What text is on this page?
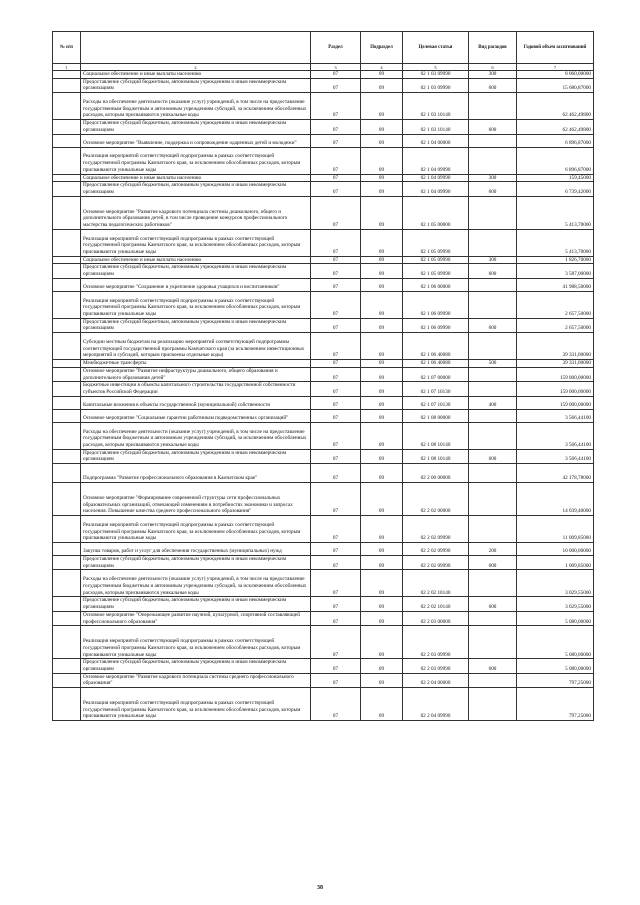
№ п/п		Раздел	Подраздел	Целевая статья	Вид расходов	Годовой объем ассигнований
1	2	3	4	5	6	7
	Социальное обеспечение и иные выплаты населению	07	09	02 1 03 09990	300	8 060,00000
	Предоставление субсидий бюджетным, автономным учреждениям и иным некоммерческим организациям	07	09	02 1 03 09990	600	15 680,87000
	Расходы на обеспечение деятельности (оказание услуг) учреждений, в том числе на предоставление государственным бюджетным и автономным учреждениям субсидий, за исключением обособленных расходов, которым присваиваются уникальные коды	07	09	02 1 03 10140		62 462,49800
	Предоставление субсидий бюджетным, автономным учреждениям и иным некоммерческим организациям	07	09	02 1 03 10140	600	62 462,49800
	Основное мероприятие "Выявление, поддержка и сопровождение одаренных детей и молодежи"	07	09	02 1 04 00000		6 896,87000
	Реализация мероприятий соответствующей подпрограммы в рамках соответствующей государственной программы Камчатского края, за исключением обособленных расходов, которым присваиваются уникальные коды	07	09	02 1 04 09990		6 896,87000
	Социальное обеспечение и иные выплаты населению	07	09	02 1 04 09990	300	159,45000
	Предоставление субсидий бюджетным, автономным учреждениям и иным некоммерческим организациям	07	09	02 1 04 09990	600	6 739,42000
	Основное мероприятие "Развитие кадрового потенциала системы дошкольного, общего и дополнительного образования детей, в том числе проведение конкурсов профессионального мастерства педагогических работников"	07	09	02 1 05 00000		5 413,70000
	Реализация мероприятий соответствующей подпрограммы в рамках соответствующей государственной программы Камчатского края, за исключением обособленных расходов, которым присваиваются уникальные коды	07	09	02 1 05 09990		5 413,70000
	Социальное обеспечение и иные выплаты населению	07	09	02 1 05 09990	300	1 826,70000
	Предоставление субсидий бюджетным, автономным учреждениям и иным некоммерческим организациям	07	09	02 1 05 09990	600	3 587,00000
	Основное мероприятие "Сохранение и укрепление здоровья учащихся и воспитанников"	07	09	02 1 06 00000		41 988,50000
	Реализация мероприятий соответствующей подпрограммы в рамках соответствующей государственной программы Камчатского края, за исключением обособленных расходов, которым присваиваются уникальные коды	07	09	02 1 06 09990		2 657,50000
	Предоставление субсидий бюджетным, автономным учреждениям и иным некоммерческим организациям	07	09	02 1 06 09990	600	2 657,50000
	Субсидии местным бюджетам на реализацию мероприятий соответствующей подпрограммы соответствующей государственной программы Камчатского края (за исключением инвестиционных мероприятий и субсидий, которым присвоены отдельные коды)	07	09	02 1 06 40080		39 331,00000
	Межбюджетные трансферты	07	09	02 1 06 40080	500	39 331,00000
	Основное мероприятие "Развитие инфраструктуры дошкольного, общего образования и дополнительного образования детей"	07	09	02 1 07 00000		159 000,00000
	Бюджетные инвестиции в объекты капитального строительства государственной собственности субъектов Российской Федерации	07	09	02 1 07 10130		159 000,00000
	Капитальные вложения в объекты государственной (муниципальной) собственности	07	09	02 1 07 10130	400	159 000,00000
	Основное мероприятие "Социальные гарантии работникам подведомственных организаций"	07	09	02 1 08 00000		3 566,44100
	Расходы на обеспечение деятельности (оказание услуг) учреждений, в том числе на предоставление государственным бюджетным и автономным учреждениям субсидий, за исключением обособленных расходов, которым присваиваются уникальные коды	07	09	02 1 08 10140		3 566,44100
	Предоставление субсидий бюджетным, автономным учреждениям и иным некоммерческим организациям	07	09	02 1 08 10140	600	3 566,44100
	Подпрограмма "Развитие профессионального образования в Камчатском крае"	07	09	02 2 00 00000		42 178,78000
	Основное мероприятие "Формирование современной структуры сети профессиональных образовательных организаций, отвечающей изменениям в потребностях экономики и запросах населения. Повышение качества среднего профессионального образования"	07	09	02 2 02 00000		14 039,40000
	Реализация мероприятий соответствующей подпрограммы в рамках соответствующей государственной программы Камчатского края, за исключением обособленных расходов, которым присваиваются уникальные коды	07	09	02 2 02 09990		11 009,85000
	Закупка товаров, работ и услуг для обеспечения государственных (муниципальных) нужд	07	09	02 2 02 09990	200	10 000,00000
	Предоставление субсидий бюджетным, автономным учреждениям и иным некоммерческим организациям	07	09	02 2 02 09990	600	1 009,85000
	Расходы на обеспечение деятельности (оказание услуг) учреждений, в том числе на предоставление государственным бюджетным и автономным учреждениям субсидий, за исключением обособленных расходов, которым присваиваются уникальные коды	07	09	02 2 02 10140		3 029,55000
	Предоставление субсидий бюджетным, автономным учреждениям и иным некоммерческим организациям	07	09	02 2 02 10140	600	3 029,55000
	Основное мероприятие "Опережающее развитие научной, культурной, спортивной составляющей профессионального образования"	07	09	02 2 03 00000		5 080,00000
	Реализация мероприятий соответствующей подпрограммы в рамках соответствующей государственной программы Камчатского края, за исключением обособленных расходов, которым присваиваются уникальные коды	07	09	02 2 03 09990		5 080,00000
	Предоставление субсидий бюджетным, автономным учреждениям и иным некоммерческим организациям	07	09	02 2 03 09990	600	5 080,00000
	Основное мероприятие "Развитие кадрового потенциала системы среднего профессионального образования"	07	09	02 2 04 00000		797,25000
	Реализация мероприятий соответствующей подпрограммы в рамках соответствующей государственной программы Камчатского края, за исключением обособленных расходов, которым присваиваются уникальные коды	07	09	02 2 04 09990		797,25000
38
